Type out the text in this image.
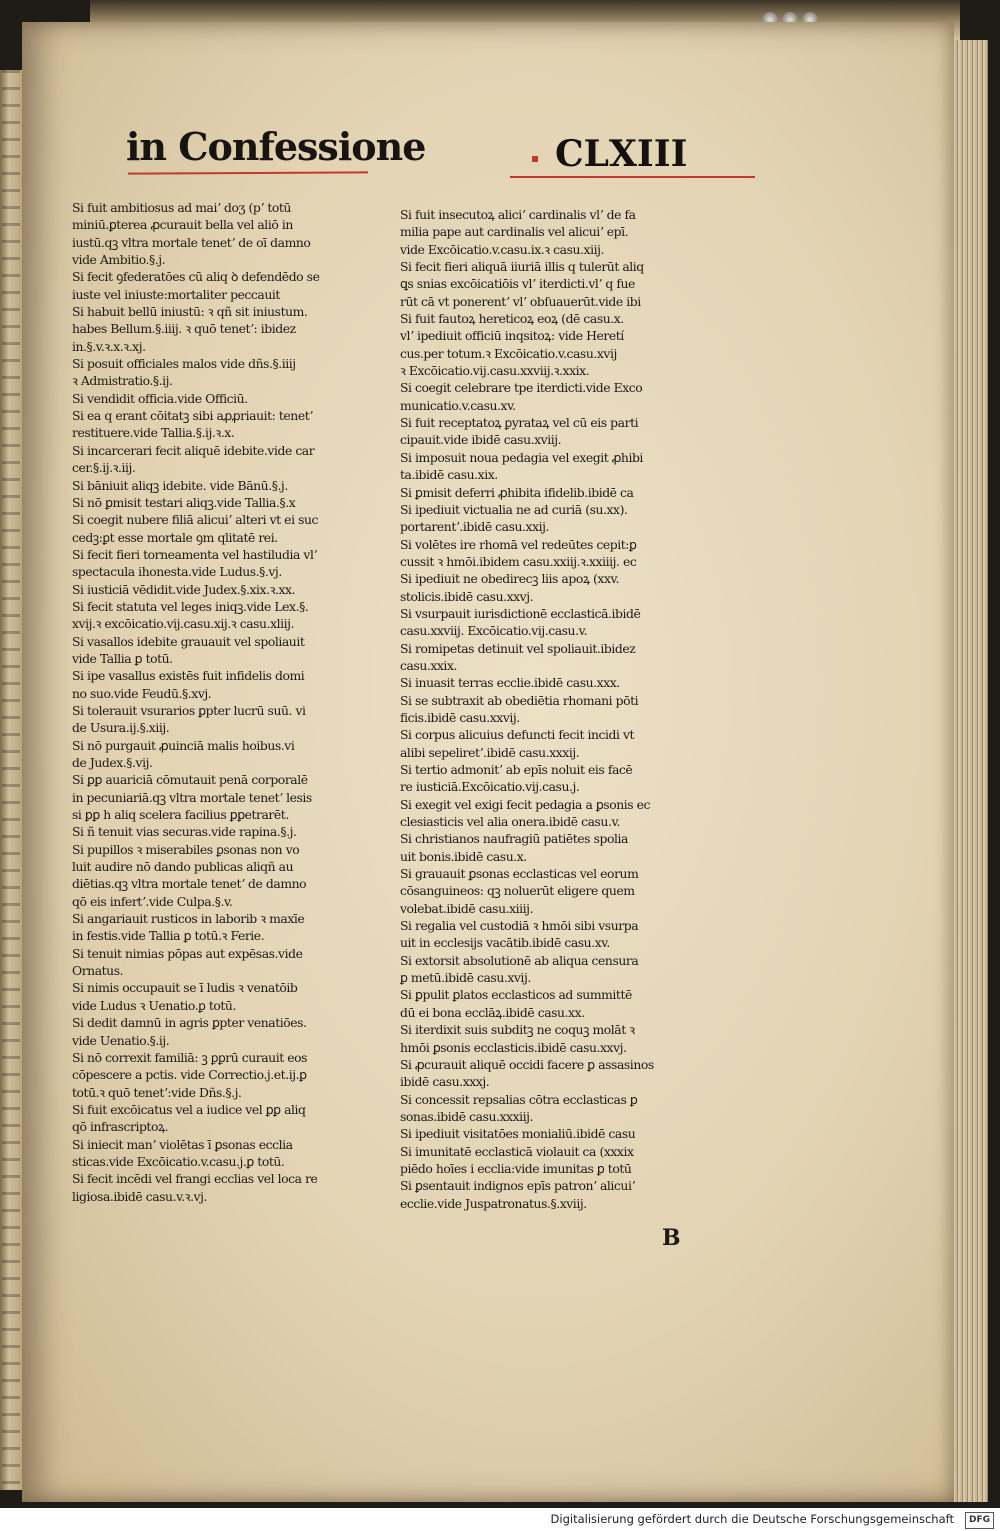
in Confessione	CLXIII
Si fuit ambitiosus ad maiʼ doʒ (pʼ totū
miniū.ꝑterea ꝓcurauit bella vel aliō in
iustū.qꝫ vltra mortale tenetʼ de oī damno
vide Ambitio.§.j.
Si fecit ꝯfederatōes cū aliq ꝺ defendēdo se
iuste vel iniuste:mortaliter peccauit
Si habuit bellū iniustū: ꝛ qñ sit iniustum.
habes Bellum.§.iiij. ꝛ quō tenetʼ: ibidez
in.§.v.ꝛ.x.ꝛ.xj.
Si posuit officiales malos vide dñs.§.iiij
ꝛ Admistratio.§.ij.
Si vendidit officia.vide Officiū.
Si ea q erant cōitatꝫ sibi aꝓꝓriauit: tenetʼ
restituere.vide Tallia.§.ij.ꝛ.x.
Si incarcerari fecit aliquē idebite.vide car
cer.§.ij.ꝛ.iij.
Si bāniuit aliqꝫ idebite. vide Bānū.§.j.
Si nō ꝑmisit testari aliqꝫ.vide Tallia.§.x
Si coegit nubere filiā alicuiʼ alteri vt ei suc
cedꝫ:ꝑt esse mortale ꝯm qlitatē rei.
Si fecit fieri torneamenta vel hastiludia vlʼ
spectacula ihonesta.vide Ludus.§.vj.
Si iusticiā vēdidit.vide Judex.§.xix.ꝛ.xx.
Si fecit statuta vel leges iniqꝫ.vide Lex.§.
xvij.ꝛ excōicatio.vij.casu.xij.ꝛ casu.xliij.
Si vasallos idebite grauauit vel spoliauit
vide Tallia ꝑ totū.
Si ipe vasallus existēs fuit infidelis domi
no suo.vide Feudū.§.xvj.
Si tolerauit vsurarios ꝑpter lucrū suū. vi
de Usura.ij.§.xiij.
Si nō purgauit ꝓuinciā malis hoibus.vi
de Judex.§.vij.
Si ꝑꝑ auariciā cōmutauit penā corporalē
in pecuniariā.qꝫ vltra mortale tenetʼ lesis
si ꝑꝑ h aliq scelera facilius ꝑꝑetrarēt.
Si ñ tenuit vias securas.vide rapina.§.j.
Si pupillos ꝛ miserabiles ꝑsonas non vo
luit audire nō dando publicas aliqñ au
diētias.qꝫ vltra mortale tenetʼ de damno
qō eis infertʼ.vide Culpa.§.v.
Si angariauit rusticos in laborib ꝛ maxīe
in festis.vide Tallia ꝑ totū.ꝛ Ferie.
Si tenuit nimias pōpas aut expēsas.vide
Ornatus.
Si nimis occupauit se ī ludis ꝛ venatōib
vide Ludus ꝛ Uenatio.ꝑ totū.
Si dedit damnū in agris ꝑpter venatiōes.
vide Uenatio.§.ij.
Si nō correxit familiā: ꝫ ꝑꝑrū curauit eos
cōpescere a pctis. vide Correctio.j.et.ij.ꝑ
totū.ꝛ quō tenetʼ:vide Dñs.§.j.
Si fuit excōicatus vel a iudice vel ꝑꝑ aliq
qō infrascriptoꝝ.
Si iniecit manʼ violētas ī ꝑsonas ecclia
sticas.vide Excōicatio.v.casu.j.ꝑ totū.
Si fecit incēdi vel frangi ecclias vel loca re
ligiosa.ibidē casu.v.ꝛ.vj.
Si fuit insecutoꝝ aliciʼ cardinalis vlʼ de fa
milia pape aut cardinalis vel alicuiʼ epī.
vide Excōicatio.v.casu.ix.ꝛ casu.xiij.
Si fecit fieri aliquā iiuriā illis q tulerūt aliq
ꝗs snias excōicatiōis vlʼ iterdicti.vlʼ q fue
rūt cā vt ponerentʼ vlʼ obſuauerūt.vide ibi
Si fuit fautoꝝ hereticoꝝ eoꝝ (dē casu.x.
vlʼ ipediuit officiū inqsitoꝝ: vide Heretí
cus.per totum.ꝛ Excōicatio.v.casu.xvij
ꝛ Excōicatio.vij.casu.xxviij.ꝛ.xxix.
Si coegit celebrare tpe iterdicti.vide Exco
municatio.v.casu.xv.
Si fuit receptatoꝝ ꝑyrataꝝ vel cū eis parti
cipauit.vide ibidē casu.xviij.
Si imposuit noua pedagia vel exegit ꝓhibi
ta.ibidē casu.xix.
Si ꝑmisit deferri ꝓhibita ifidelib.ibidē ca
Si ipediuit victualia ne ad curiā (su.xx).
portarentʼ.ibidē casu.xxij.
Si volētes ire rhomā vel redeūtes cepit:ꝑ
cussit ꝛ hmōi.ibidem casu.xxiij.ꝛ.xxiiij. ec
Si ipediuit ne obedirecꝫ liis apoꝝ (xxv.
stolicis.ibidē casu.xxvj.
Si vsurpauit iurisdictionē ecclasticā.ibidē
casu.xxviij. Excōicatio.vij.casu.v.
Si romipetas detinuit vel spoliauit.ibidez
casu.xxix.
Si inuasit terras ecclie.ibidē casu.xxx.
Si se subtraxit ab obediētia rhomani pōti
ficis.ibidē casu.xxvij.
Si corpus alicuius defuncti fecit incidi vt
alibi sepeliretʼ.ibidē casu.xxxij.
Si tertio admonitʼ ab epīs noluit eis facē
re iusticiā.Excōicatio.vij.casu.j.
Si exegit vel exigi fecit pedagia a ꝑsonis ec
clesiasticis vel alia onera.ibidē casu.v.
Si christianos naufragiū patiētes spolia
uit bonis.ibidē casu.x.
Si grauauit ꝑsonas ecclasticas vel eorum
cōsanguineos: qꝫ noluerūt eligere quem
volebat.ibidē casu.xiiij.
Si regalia vel custodiā ꝛ hmōi sibi vsurpa
uit in ecclesijs vacātib.ibidē casu.xv.
Si extorsit absolutionē ab aliqua censura
ꝑ metū.ibidē casu.xvij.
Si ꝑpulit ꝑlatos ecclasticos ad summittē
dū ei bona ecclāꝝ.ibidē casu.xx.
Si iterdixit suis subditꝫ ne coquꝫ molāt ꝛ
hmōi ꝑsonis ecclasticis.ibidē casu.xxvj.
Si ꝓcurauit aliquē occidi facere ꝑ assasinos
ibidē casu.xxxj.
Si concessit repsalias cōtra ecclasticas ꝑ
sonas.ibidē casu.xxxiij.
Si ipediuit visitatōes monialiū.ibidē casu
Si imunitatē ecclasticā violauit ca (xxxix
piēdo hoīes i ecclia:vide imunitas ꝑ totū
Si ꝑsentauit indignos epīs patronʼ alicuiʼ
ecclie.vide Juspatronatus.§.xviij.
B
Digitalisierung gefördert durch die Deutsche Forschungsgemeinschaft	DFG
